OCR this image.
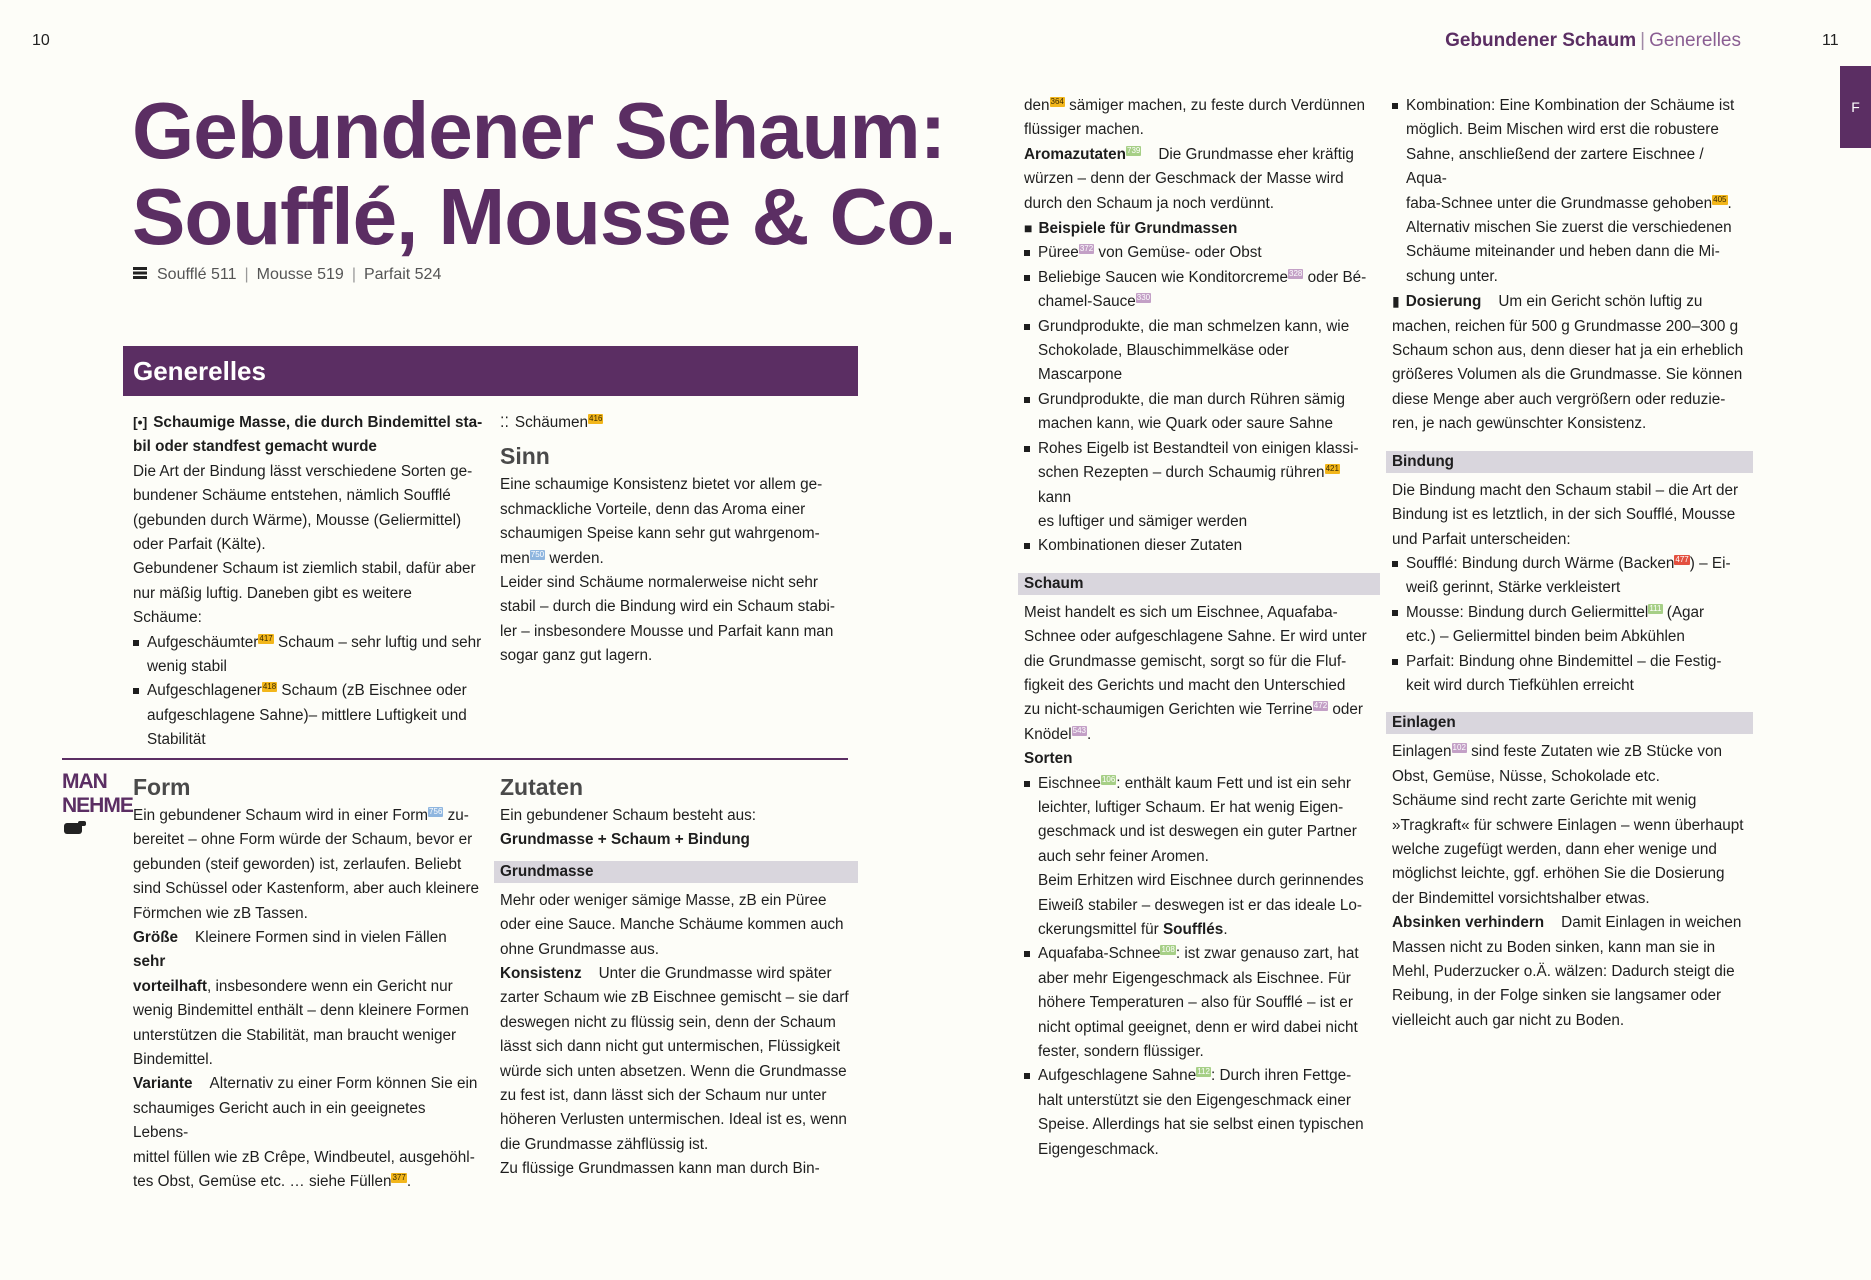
10	Gebundener Schaum | Generelles	11
F
Gebundener Schaum:
Soufflé, Mousse & Co.
Soufflé 511 | Mousse 519 | Parfait 524
Generelles

[•] Schaumige Masse, die durch Bindemittel sta-

bil oder standfest gemacht wurde

Die Art der Bindung lässt verschiedene Sorten ge-

bundener Schäume entstehen, nämlich Soufflé

(gebunden durch Wärme), Mousse (Geliermittel)

oder Parfait (Kälte).

Gebundener Schaum ist ziemlich stabil, dafür aber

nur mäßig luftig. Daneben gibt es weitere Schäume:

Aufgeschäumter417 Schaum – sehr luftig und sehr
wenig stabil
Aufgeschlagener418 Schaum (zB Eischnee oder
aufgeschlagene Sahne)– mittlere Luftigkeit und
Stabilität

⁚⁚ Schäumen416

Sinn

Eine schaumige Konsistenz bietet vor allem ge-

schmackliche Vorteile, denn das Aroma einer

schaumigen Speise kann sehr gut wahrgenom-

men750 werden.

Leider sind Schäume normalerweise nicht sehr

stabil – durch die Bindung wird ein Schaum stabi-

ler – insbesondere Mousse und Parfait kann man

sogar ganz gut lagern.

MAN
NEHME
Form

Ein gebundener Schaum wird in einer Form756 zu-

bereitet – ohne Form würde der Schaum, bevor er

gebunden (steif geworden) ist, zerlaufen. Beliebt

sind Schüssel oder Kastenform, aber auch kleinere

Förmchen wie zB Tassen.

Größe Kleinere Formen sind in vielen Fällen sehr

vorteilhaft, insbesondere wenn ein Gericht nur

wenig Bindemittel enthält – denn kleinere Formen

unterstützen die Stabilität, man braucht weniger

Bindemittel.

Variante Alternativ zu einer Form können Sie ein

schaumiges Gericht auch in ein geeignetes Lebens-

mittel füllen wie zB Crêpe, Windbeutel, ausgehöhl-

tes Obst, Gemüse etc. … siehe Füllen377.

Zutaten

Ein gebundener Schaum besteht aus:

Grundmasse + Schaum + Bindung

Grundmasse

Mehr oder weniger sämige Masse, zB ein Püree

oder eine Sauce. Manche Schäume kommen auch

ohne Grundmasse aus.

Konsistenz Unter die Grundmasse wird später

zarter Schaum wie zB Eischnee gemischt – sie darf

deswegen nicht zu flüssig sein, denn der Schaum

lässt sich dann nicht gut untermischen, Flüssigkeit

würde sich unten absetzen. Wenn die Grundmasse

zu fest ist, dann lässt sich der Schaum nur unter

höheren Verlusten untermischen. Ideal ist es, wenn

die Grundmasse zähflüssig ist.

Zu flüssige Grundmassen kann man durch Bin-

den364 sämiger machen, zu feste durch Verdünnen

flüssiger machen.

Aromazutaten739    Die Grundmasse eher kräftig

würzen – denn der Geschmack der Masse wird

durch den Schaum ja noch verdünnt.

■ Beispiele für Grundmassen

Püree372 von Gemüse- oder Obst
Beliebige Saucen wie Konditorcreme328 oder Bé-
chamel-Sauce330
Grundprodukte, die man schmelzen kann, wie
Schokolade, Blauschimmelkäse oder Mascarpone
Grundprodukte, die man durch Rühren sämig
machen kann, wie Quark oder saure Sahne
Rohes Eigelb ist Bestandteil von einigen klassi-
schen Rezepten – durch Schaumig rühren421 kann
es luftiger und sämiger werden
Kombinationen dieser Zutaten
Schaum

Meist handelt es sich um Eischnee, Aquafaba-

Schnee oder aufgeschlagene Sahne. Er wird unter

die Grundmasse gemischt, sorgt so für die Fluf-

figkeit des Gerichts und macht den Unterschied

zu nicht-schaumigen Gerichten wie Terrine472 oder

Knödel543.

Sorten

Eischnee106: enthält kaum Fett und ist ein sehr
leichter, luftiger Schaum. Er hat wenig Eigen-
geschmack und ist deswegen ein guter Partner
auch sehr feiner Aromen.
Beim Erhitzen wird Eischnee durch gerinnendes
Eiweiß stabiler – deswegen ist er das ideale Lo-
ckerungsmittel für Soufflés.
Aquafaba-Schnee108: ist zwar genauso zart, hat
aber mehr Eigengeschmack als Eischnee. Für
höhere Temperaturen – also für Soufflé – ist er
nicht optimal geeignet, denn er wird dabei nicht
fester, sondern flüssiger.
Aufgeschlagene Sahne112: Durch ihren Fettge-
halt unterstützt sie den Eigengeschmack einer
Speise. Allerdings hat sie selbst einen typischen
Eigengeschmack.
Kombination: Eine Kombination der Schäume ist
möglich. Beim Mischen wird erst die robustere
Sahne, anschließend der zartere Eischnee / Aqua-
faba-Schnee unter die Grundmasse gehoben405.
Alternativ mischen Sie zuerst die verschiedenen
Schäume miteinander und heben dann die Mi-
schung unter.

▮ Dosierung Um ein Gericht schön luftig zu

machen, reichen für 500 g Grundmasse 200–300 g

Schaum schon aus, denn dieser hat ja ein erheblich

größeres Volumen als die Grundmasse. Sie können

diese Menge aber auch vergrößern oder reduzie-

ren, je nach gewünschter Konsistenz.

Bindung

Die Bindung macht den Schaum stabil – die Art der

Bindung ist es letztlich, in der sich Soufflé, Mousse

und Parfait unterscheiden:

Soufflé: Bindung durch Wärme (Backen477) – Ei-
weiß gerinnt, Stärke verkleistert
Mousse: Bindung durch Geliermittel111 (Agar
etc.) – Geliermittel binden beim Abkühlen
Parfait: Bindung ohne Bindemittel – die Festig-
keit wird durch Tiefkühlen erreicht
Einlagen

Einlagen102 sind feste Zutaten wie zB Stücke von

Obst, Gemüse, Nüsse, Schokolade etc.

Schäume sind recht zarte Gerichte mit wenig

»Tragkraft« für schwere Einlagen – wenn überhaupt

welche zugefügt werden, dann eher wenige und

möglichst leichte, ggf. erhöhen Sie die Dosierung

der Bindemittel vorsichtshalber etwas.

Absinken verhindern Damit Einlagen in weichen

Massen nicht zu Boden sinken, kann man sie in

Mehl, Puderzucker o.Ä. wälzen: Dadurch steigt die

Reibung, in der Folge sinken sie langsamer oder

vielleicht auch gar nicht zu Boden.
